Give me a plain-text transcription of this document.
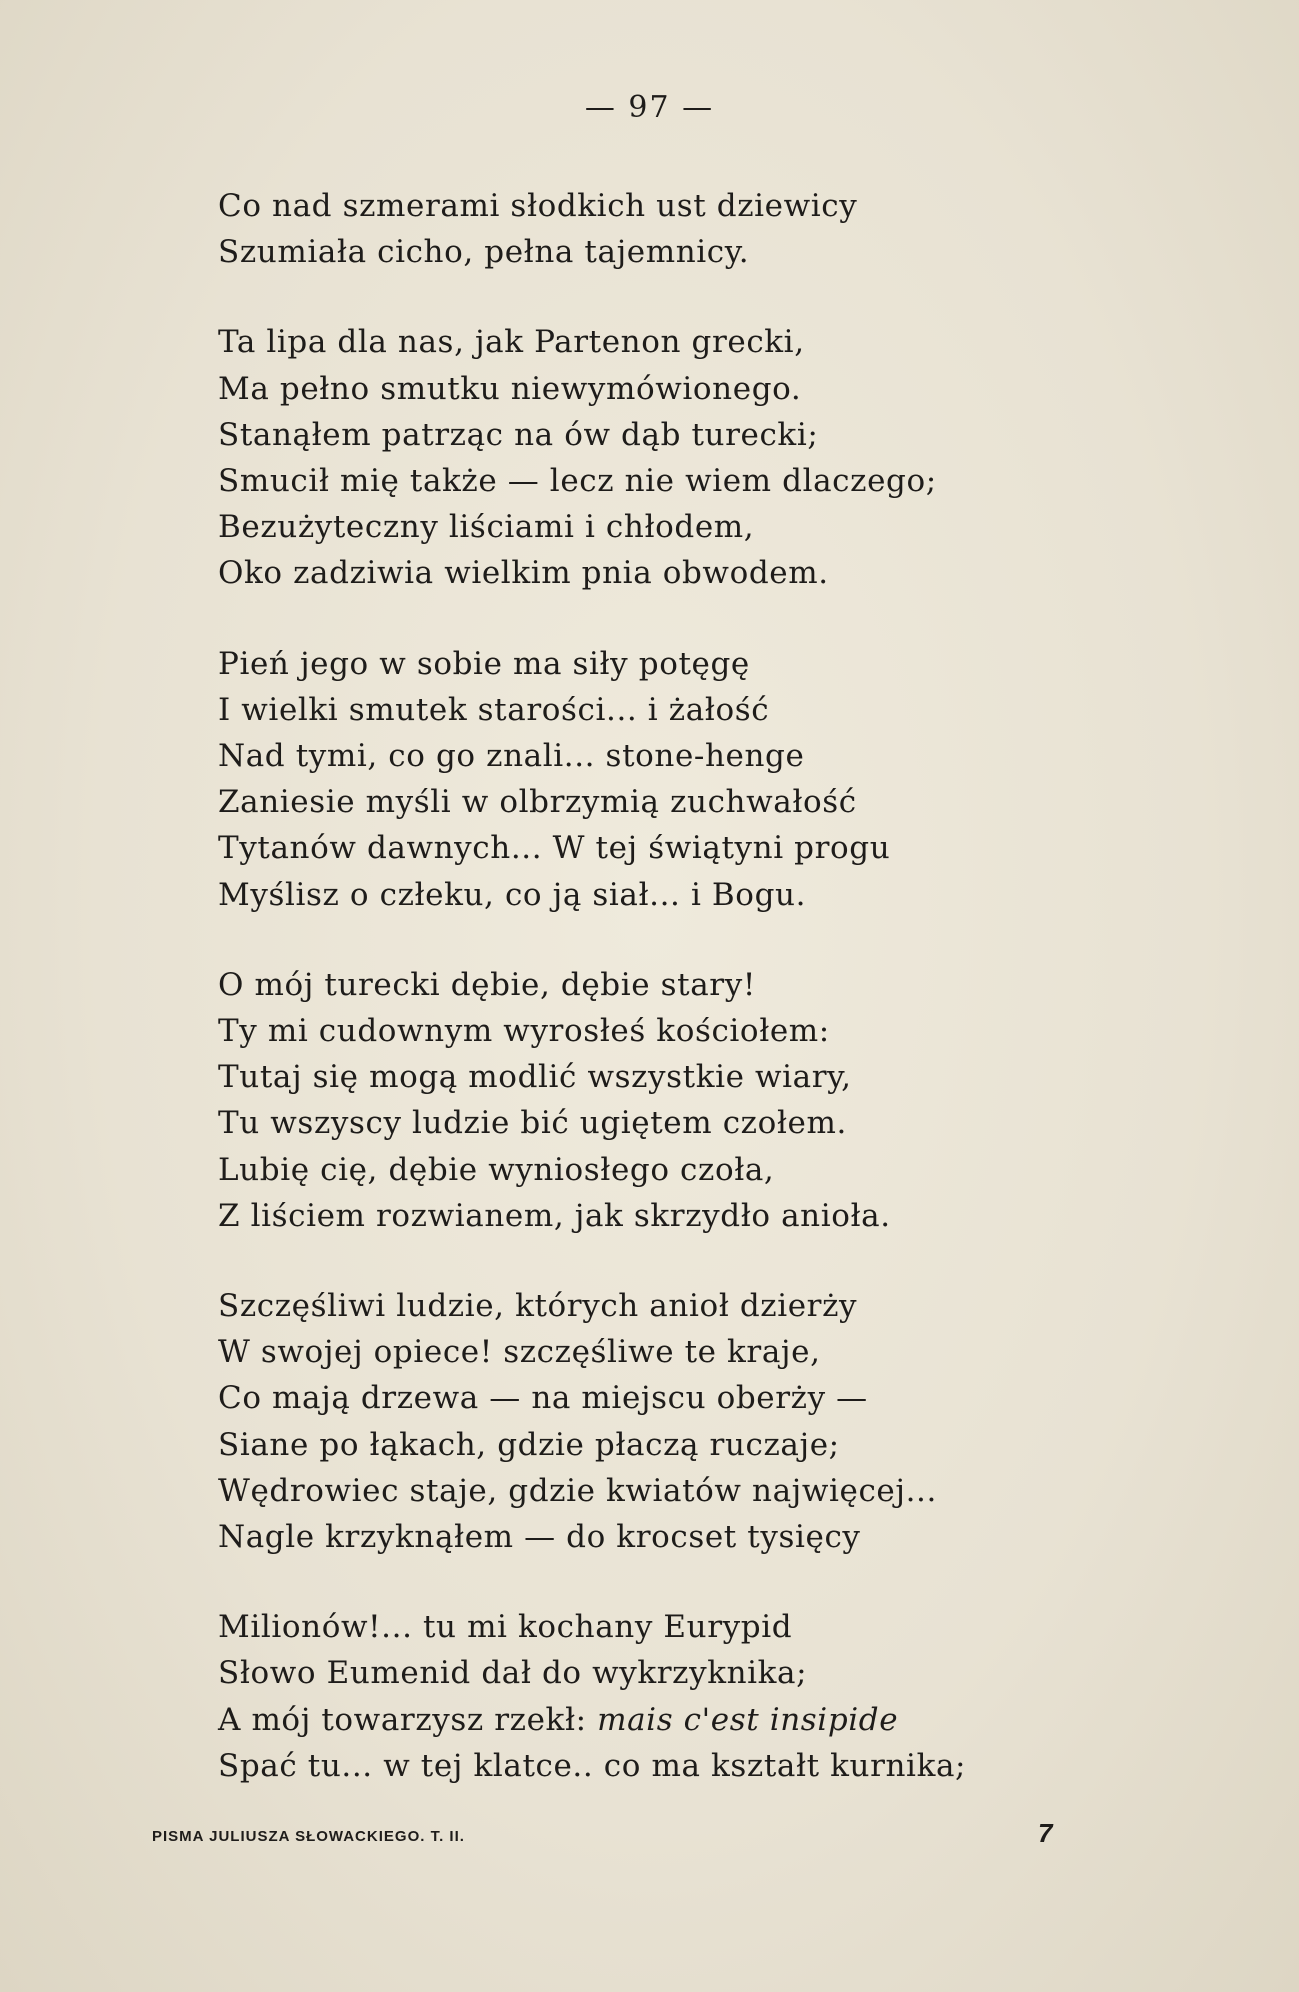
— 97 —
Co nad szmerami słodkich ust dziewicy
Szumiała cicho, pełna tajemnicy.
Ta lipa dla nas, jak Partenon grecki,
Ma pełno smutku niewymówionego.
Stanąłem patrząc na ów dąb turecki;
Smucił mię także — lecz nie wiem dlaczego;
Bezużyteczny liściami i chłodem,
Oko zadziwia wielkim pnia obwodem.
Pień jego w sobie ma siły potęgę
I wielki smutek starości... i żałość
Nad tymi, co go znali... stone-henge
Zaniesie myśli w olbrzymią zuchwałość
Tytanów dawnych... W tej świątyni progu
Myślisz o człeku, co ją siał... i Bogu.
O mój turecki dębie, dębie stary!
Ty mi cudownym wyrosłeś kościołem:
Tutaj się mogą modlić wszystkie wiary,
Tu wszyscy ludzie bić ugiętem czołem.
Lubię cię, dębie wyniosłego czoła,
Z liściem rozwianem, jak skrzydło anioła.
Szczęśliwi ludzie, których anioł dzierży
W swojej opiece! szczęśliwe te kraje,
Co mają drzewa — na miejscu oberży —
Siane po łąkach, gdzie płaczą ruczaje;
Wędrowiec staje, gdzie kwiatów najwięcej...
Nagle krzyknąłem — do krocset tysięcy
Milionów!... tu mi kochany Eurypid
Słowo Eumenid dał do wykrzyknika;
A mój towarzysz rzekł: mais c'est insipide
Spać tu... w tej klatce.. co ma kształt kurnika;
PISMA JULIUSZA SŁOWACKIEGO. T. II.	7
